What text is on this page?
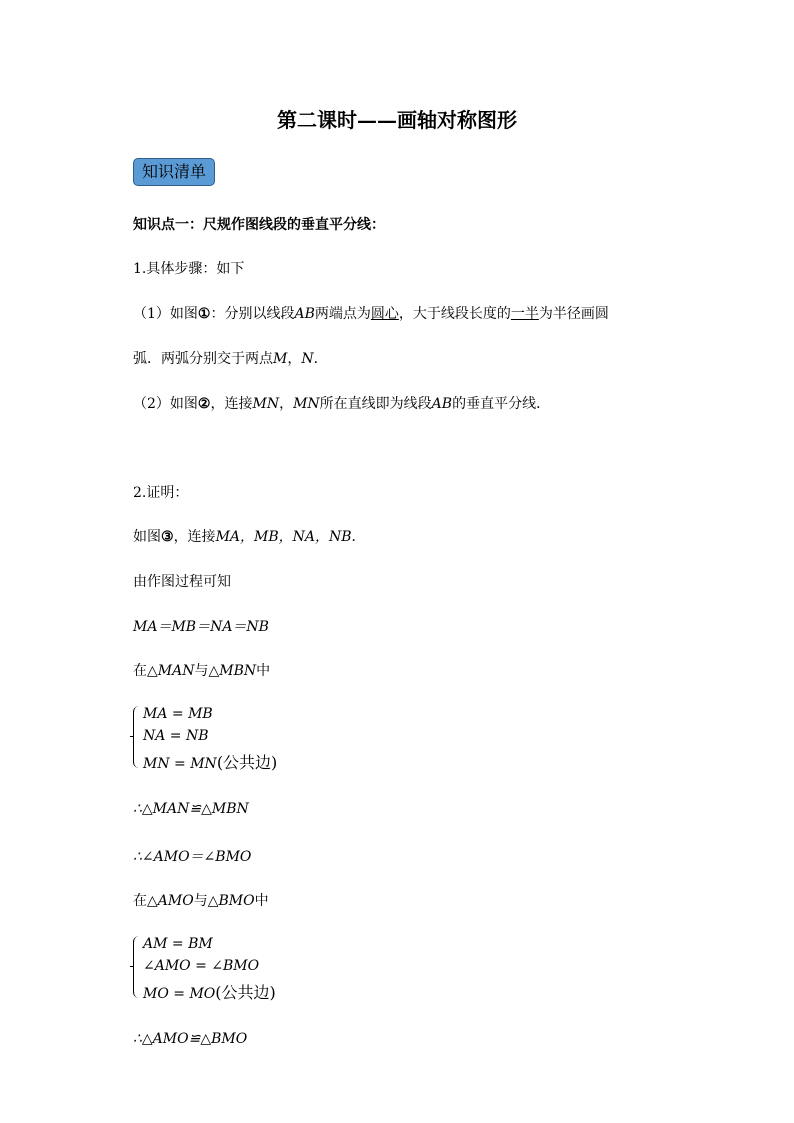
第二课时——画轴对称图形
知识清单
知识点一：尺规作图线段的垂直平分线：
1.具体步骤：如下
（1）如图①：分别以线段AB两端点为圆心，大于线段长度的一半为半径画圆
弧．两弧分别交于两点M，N．
（2）如图②，连接MN，MN所在直线即为线段AB的垂直平分线．
2.证明：
如图③，连接MA，MB，NA，NB．
由作图过程可知
MA＝MB＝NA＝NB
在△MAN与△MBN中
MA = MB
NA = NB
MN = MN(公共边)
∴△MAN≌△MBN
∴∠AMO＝∠BMO
在△AMO与△BMO中
AM = BM
∠AMO = ∠BMO
MO = MO(公共边)
∴△AMO≌△BMO
